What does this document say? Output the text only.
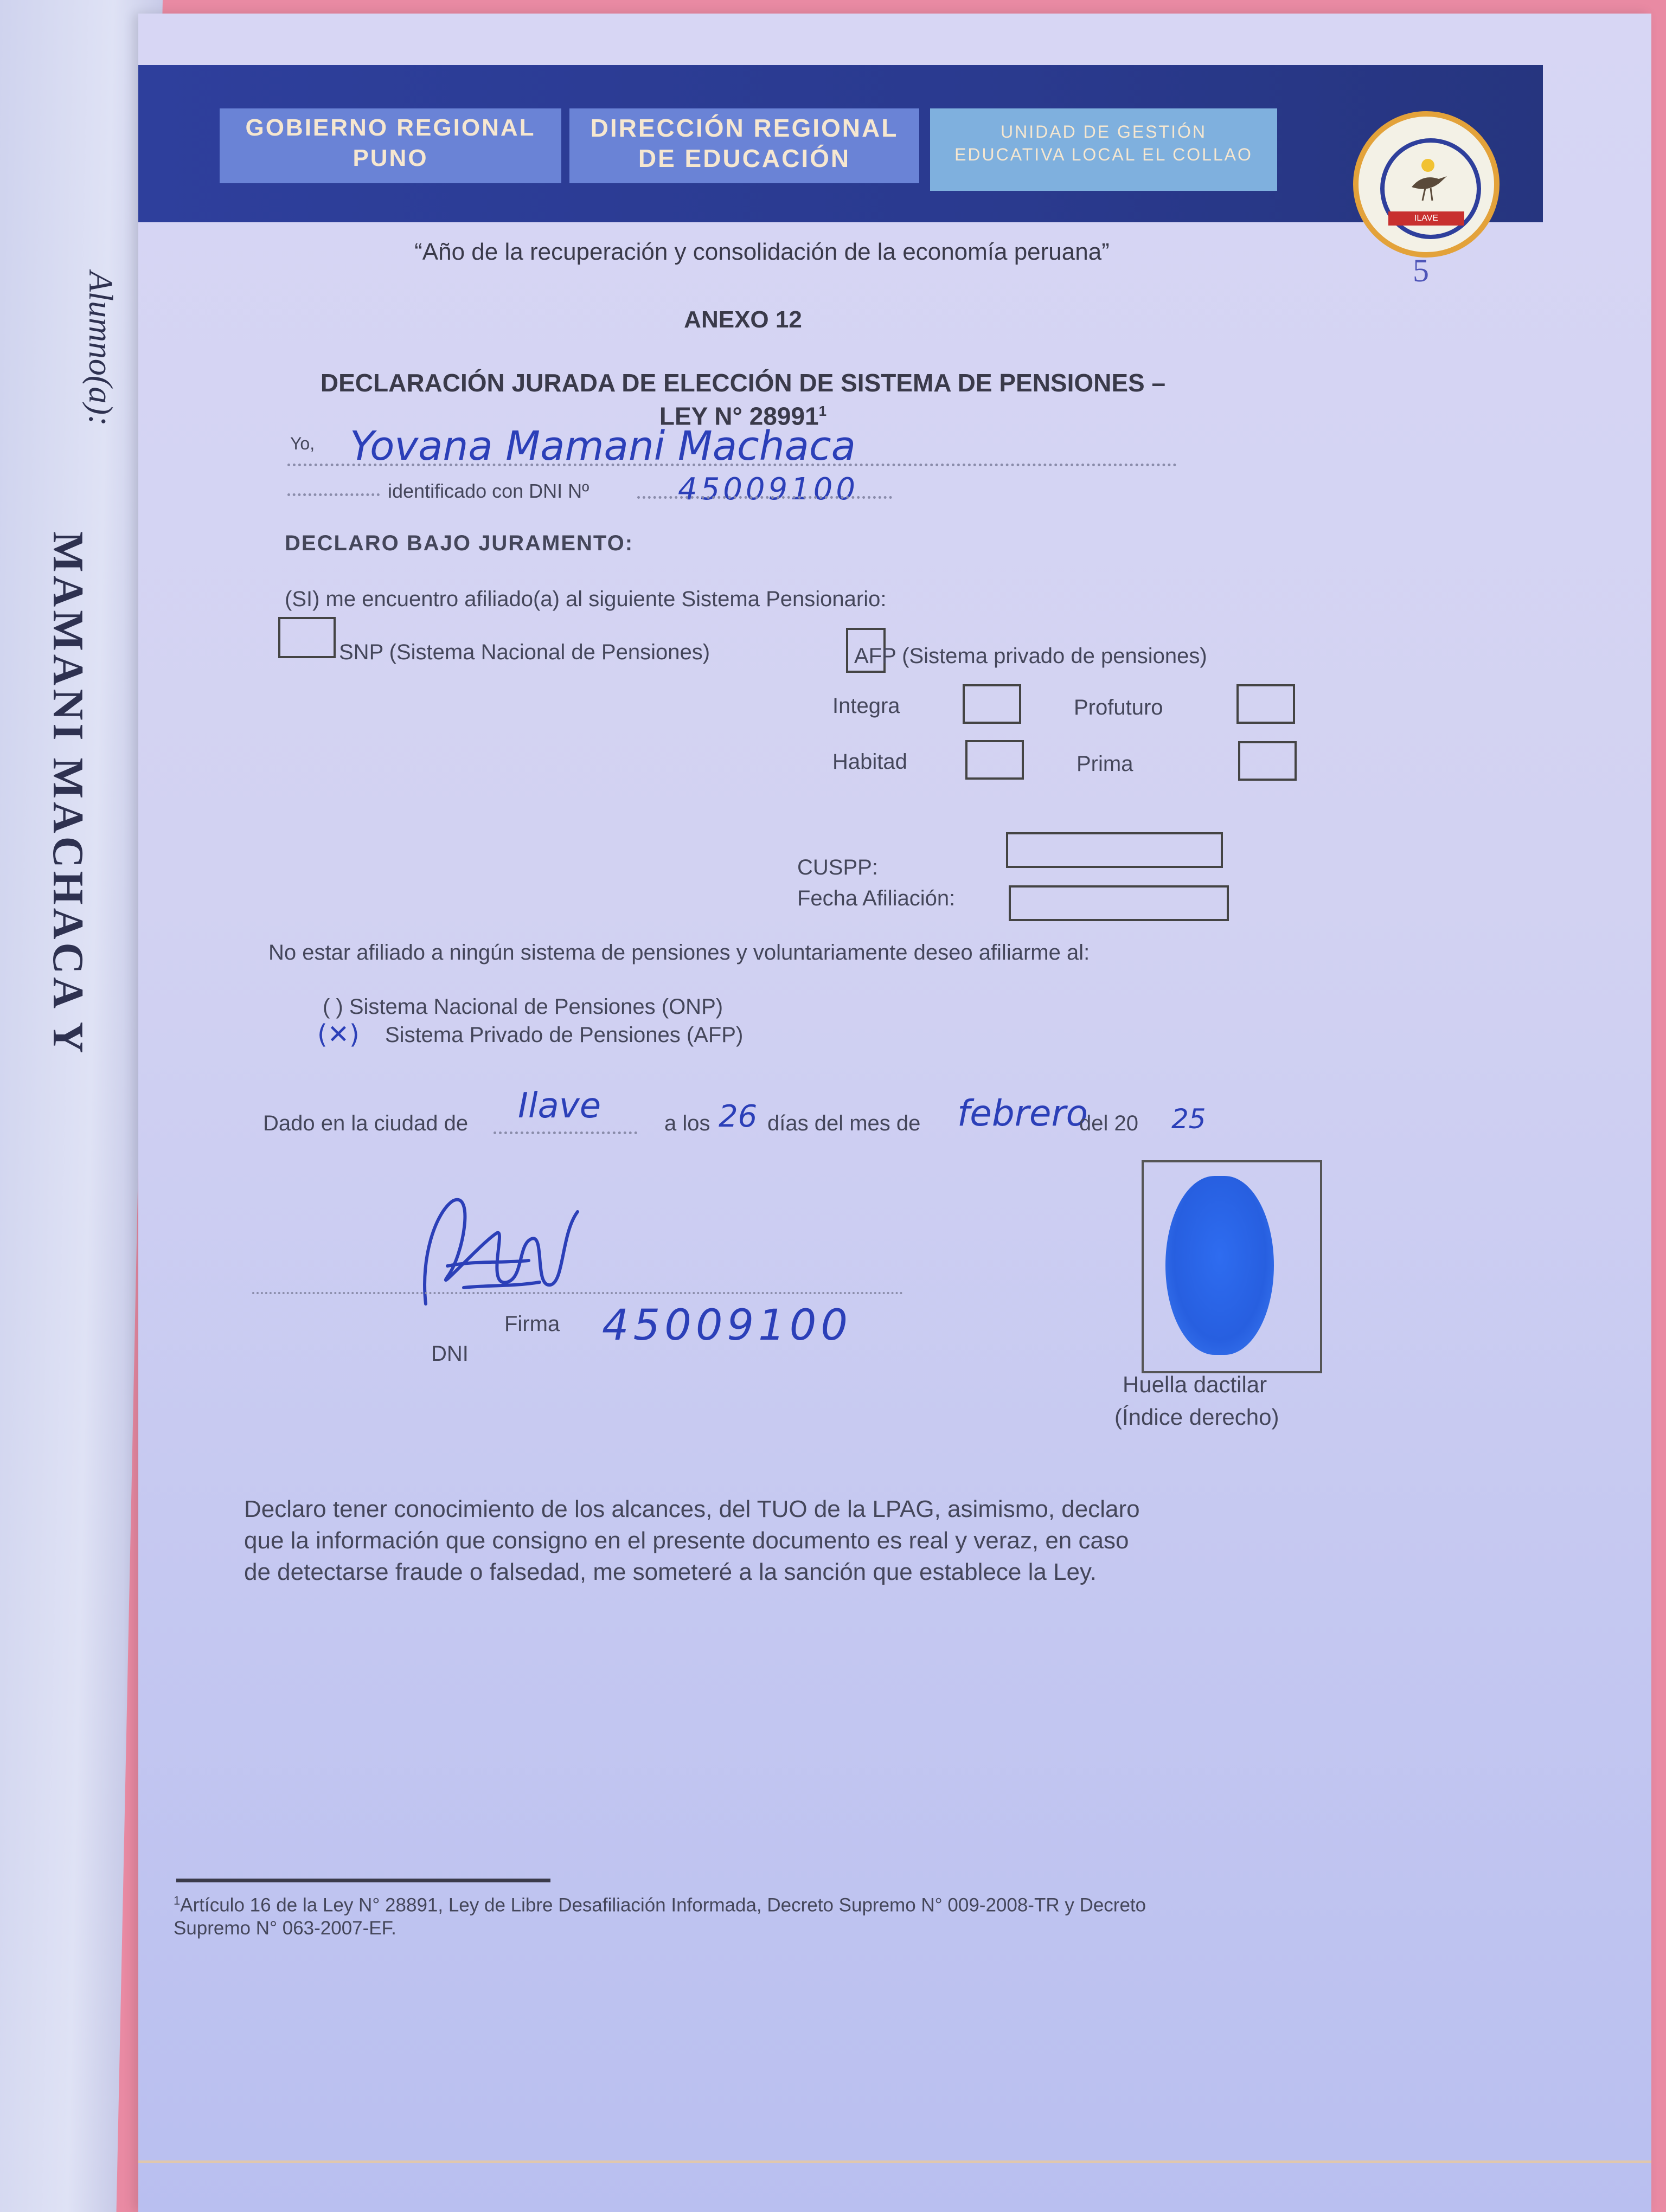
Alumno(a):
MAMANI MACHACA Y
GOBIERNO REGIONAL
PUNO
DIRECCIÓN REGIONAL
DE EDUCACIÓN
UNIDAD DE GESTIÓN
EDUCATIVA LOCAL EL COLLAO
ILAVE
“Año de la recuperación y consolidación de la economía peruana”
5
ANEXO 12
DECLARACIÓN JURADA DE ELECCIÓN DE SISTEMA DE PENSIONES –
LEY N° 28991$^1$
Yo, Yovana Mamani Machaca
identificado con DNI Nº	45009100
DECLARO BAJO JURAMENTO:
(SI) me encuentro afiliado(a) al siguiente Sistema Pensionario:
SNP (Sistema Nacional de Pensiones)	AFP (Sistema privado de pensiones)
Integra	Profuturo
Habitad	Prima
CUSPP:
Fecha Afiliación:
No estar afiliado a ningún sistema de pensiones y voluntariamente deseo afiliarme al:
( ) Sistema Nacional de Pensiones (ONP)
(✕) Sistema Privado de Pensiones (AFP)
Dado en la ciudad de Ilave	a los 26 días del mes de febrero
del 20 25
Firma
DNI
45009100
Huella dactilar
(Índice derecho)
Declaro tener conocimiento de los alcances, del TUO de la LPAG, asimismo, declaro
que la información que consigno en el presente documento es real y veraz, en caso
de detectarse fraude o falsedad, me someteré a la sanción que establece la Ley.
$^1$Artículo 16 de la Ley N° 28891, Ley de Libre Desafiliación Informada, Decreto Supremo N° 009-2008-TR y Decreto
Supremo N° 063-2007-EF.
